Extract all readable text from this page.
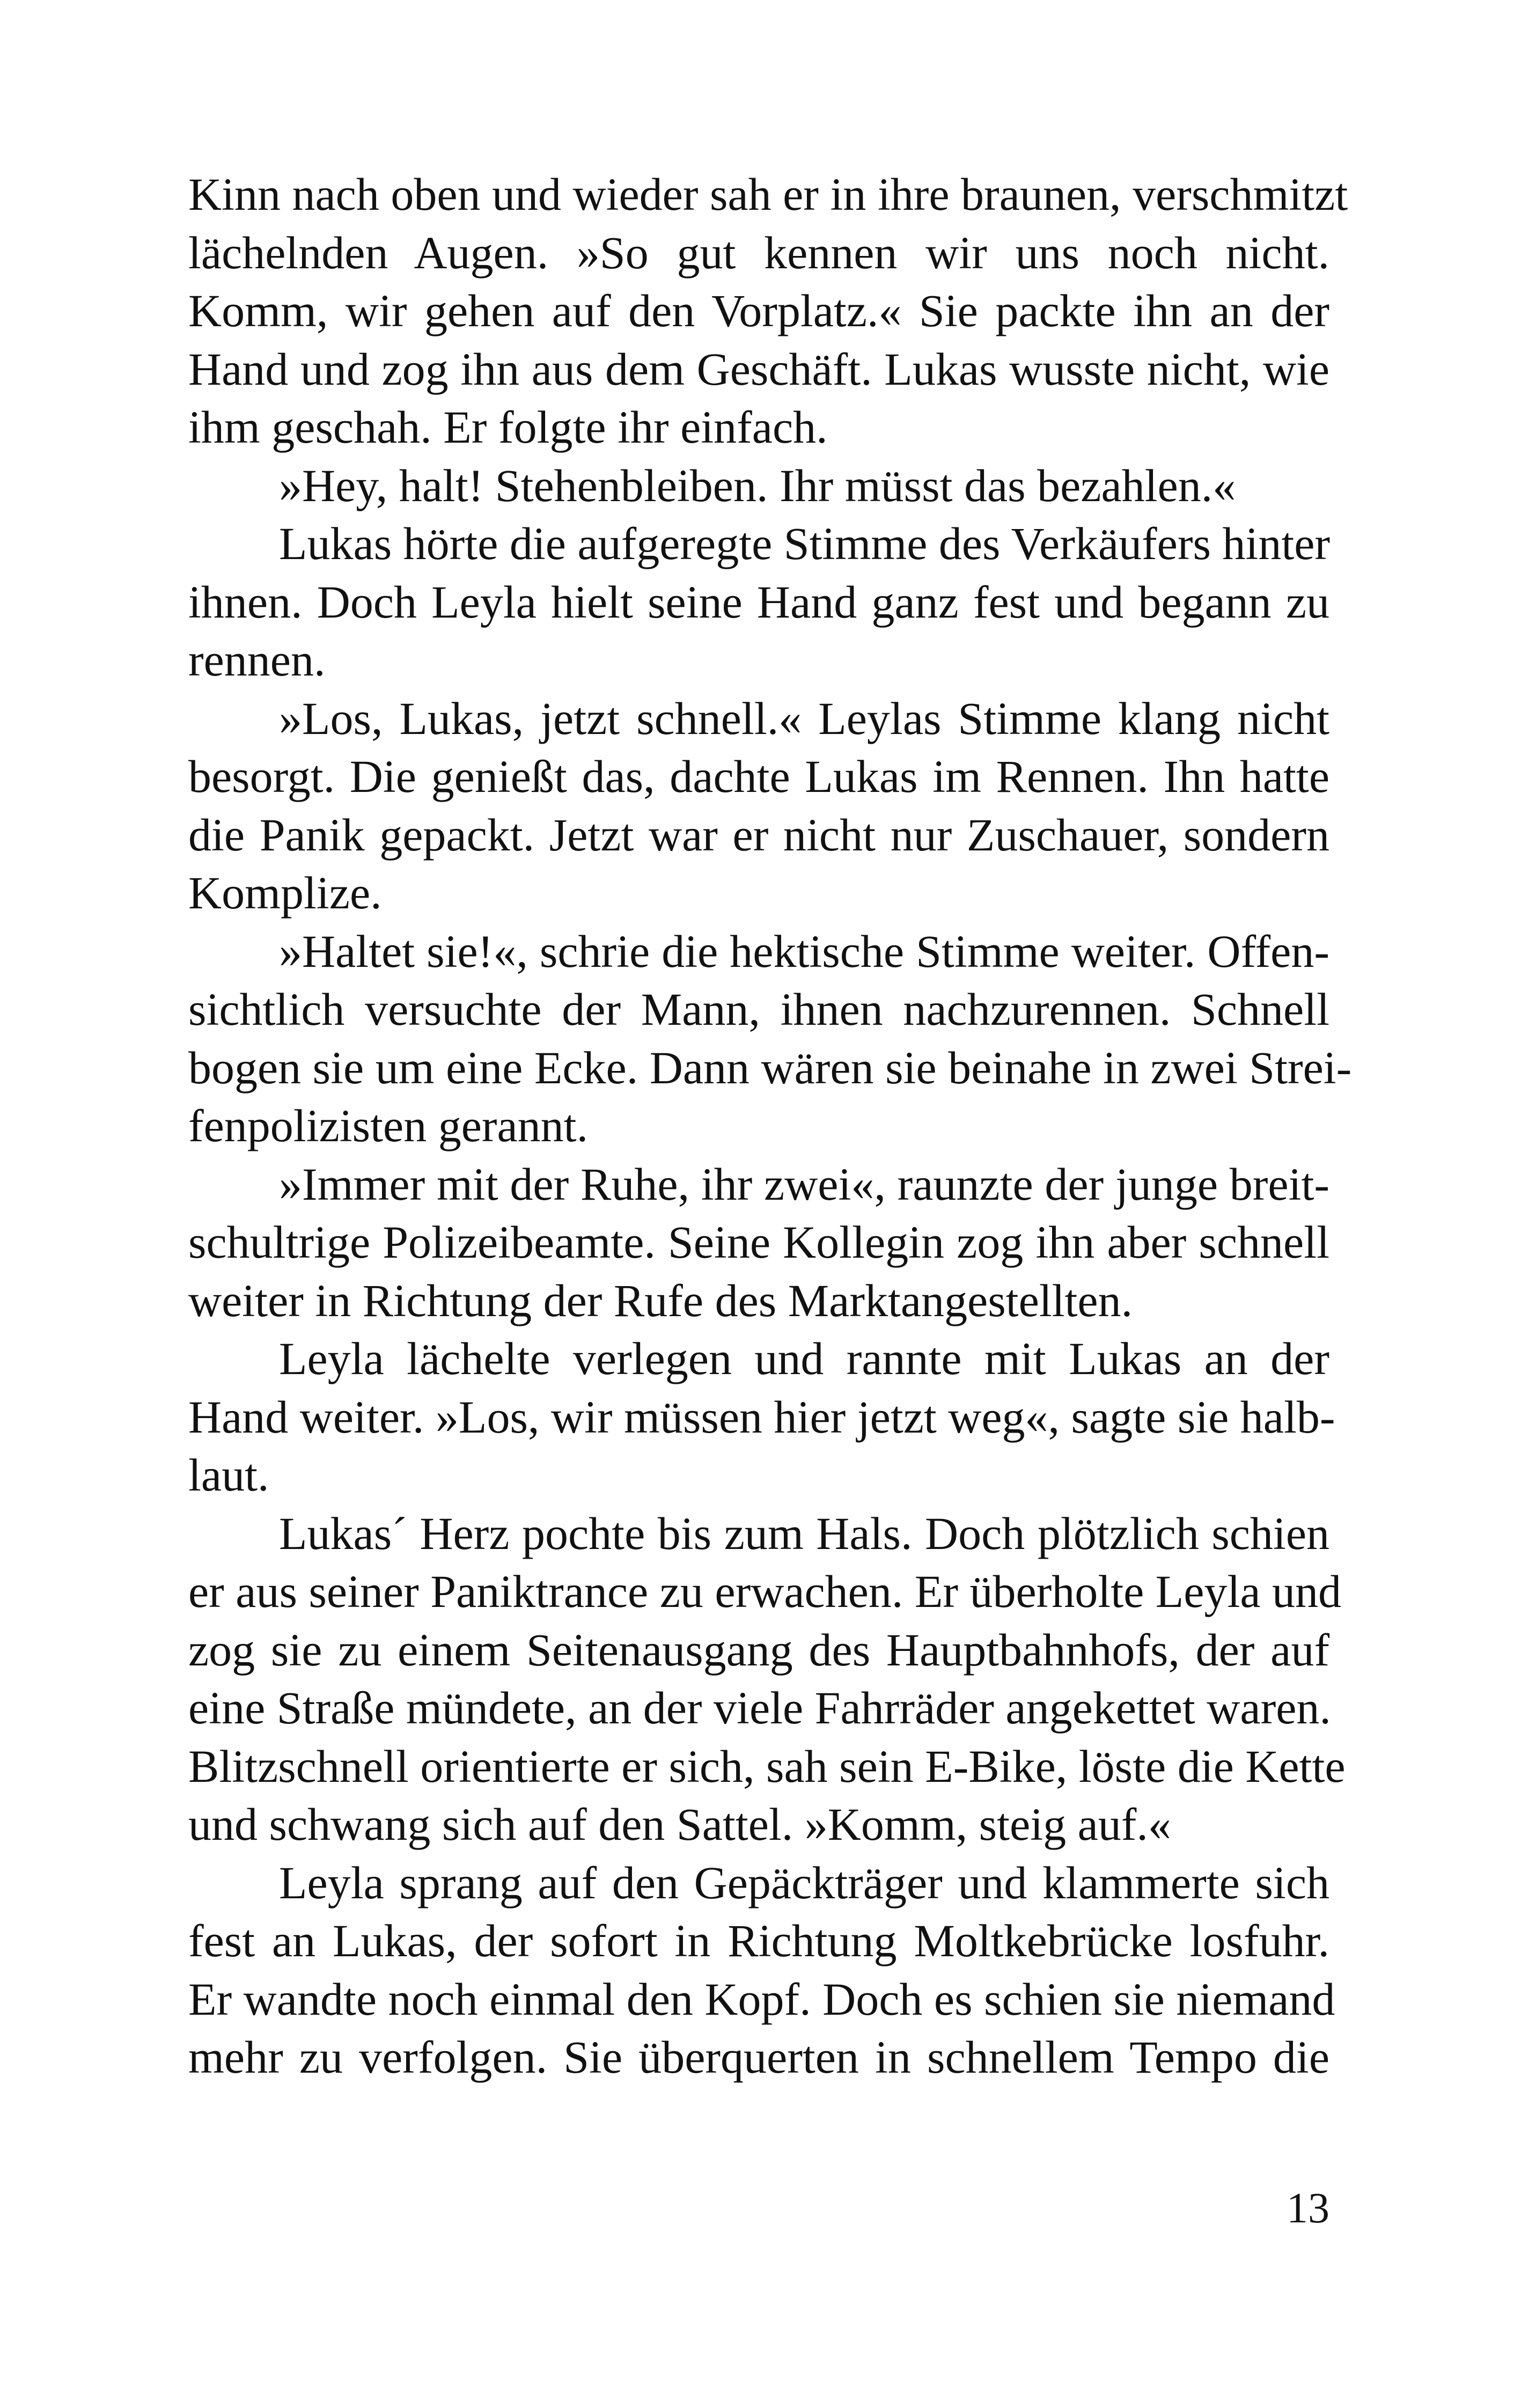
Kinn nach oben und wieder sah er in ihre braunen, verschmitzt
lächelnden Augen. »So gut kennen wir uns noch nicht.
Komm, wir gehen auf den Vorplatz.« Sie packte ihn an der
Hand und zog ihn aus dem Geschäft. Lukas wusste nicht, wie
ihm geschah. Er folgte ihr einfach.
»Hey, halt! Stehenbleiben. Ihr müsst das bezahlen.«
Lukas hörte die aufgeregte Stimme des Verkäufers hinter
ihnen. Doch Leyla hielt seine Hand ganz fest und begann zu
rennen.
»Los, Lukas, jetzt schnell.« Leylas Stimme klang nicht
besorgt. Die genießt das, dachte Lukas im Rennen. Ihn hatte
die Panik gepackt. Jetzt war er nicht nur Zuschauer, sondern
Komplize.
»Haltet sie!«, schrie die hektische Stimme weiter. Offen-
sichtlich versuchte der Mann, ihnen nachzurennen. Schnell
bogen sie um eine Ecke. Dann wären sie beinahe in zwei Strei-
fenpolizisten gerannt.
»Immer mit der Ruhe, ihr zwei«, raunzte der junge breit-
schultrige Polizeibeamte. Seine Kollegin zog ihn aber schnell
weiter in Richtung der Rufe des Marktangestellten.
Leyla lächelte verlegen und rannte mit Lukas an der
Hand weiter. »Los, wir müssen hier jetzt weg«, sagte sie halb-
laut.
Lukas´ Herz pochte bis zum Hals. Doch plötzlich schien
er aus seiner Paniktrance zu erwachen. Er überholte Leyla und
zog sie zu einem Seitenausgang des Hauptbahnhofs, der auf
eine Straße mündete, an der viele Fahrräder angekettet waren.
Blitzschnell orientierte er sich, sah sein E-Bike, löste die Kette
und schwang sich auf den Sattel. »Komm, steig auf.«
Leyla sprang auf den Gepäckträger und klammerte sich
fest an Lukas, der sofort in Richtung Moltkebrücke losfuhr.
Er wandte noch einmal den Kopf. Doch es schien sie niemand
mehr zu verfolgen. Sie überquerten in schnellem Tempo die
13
